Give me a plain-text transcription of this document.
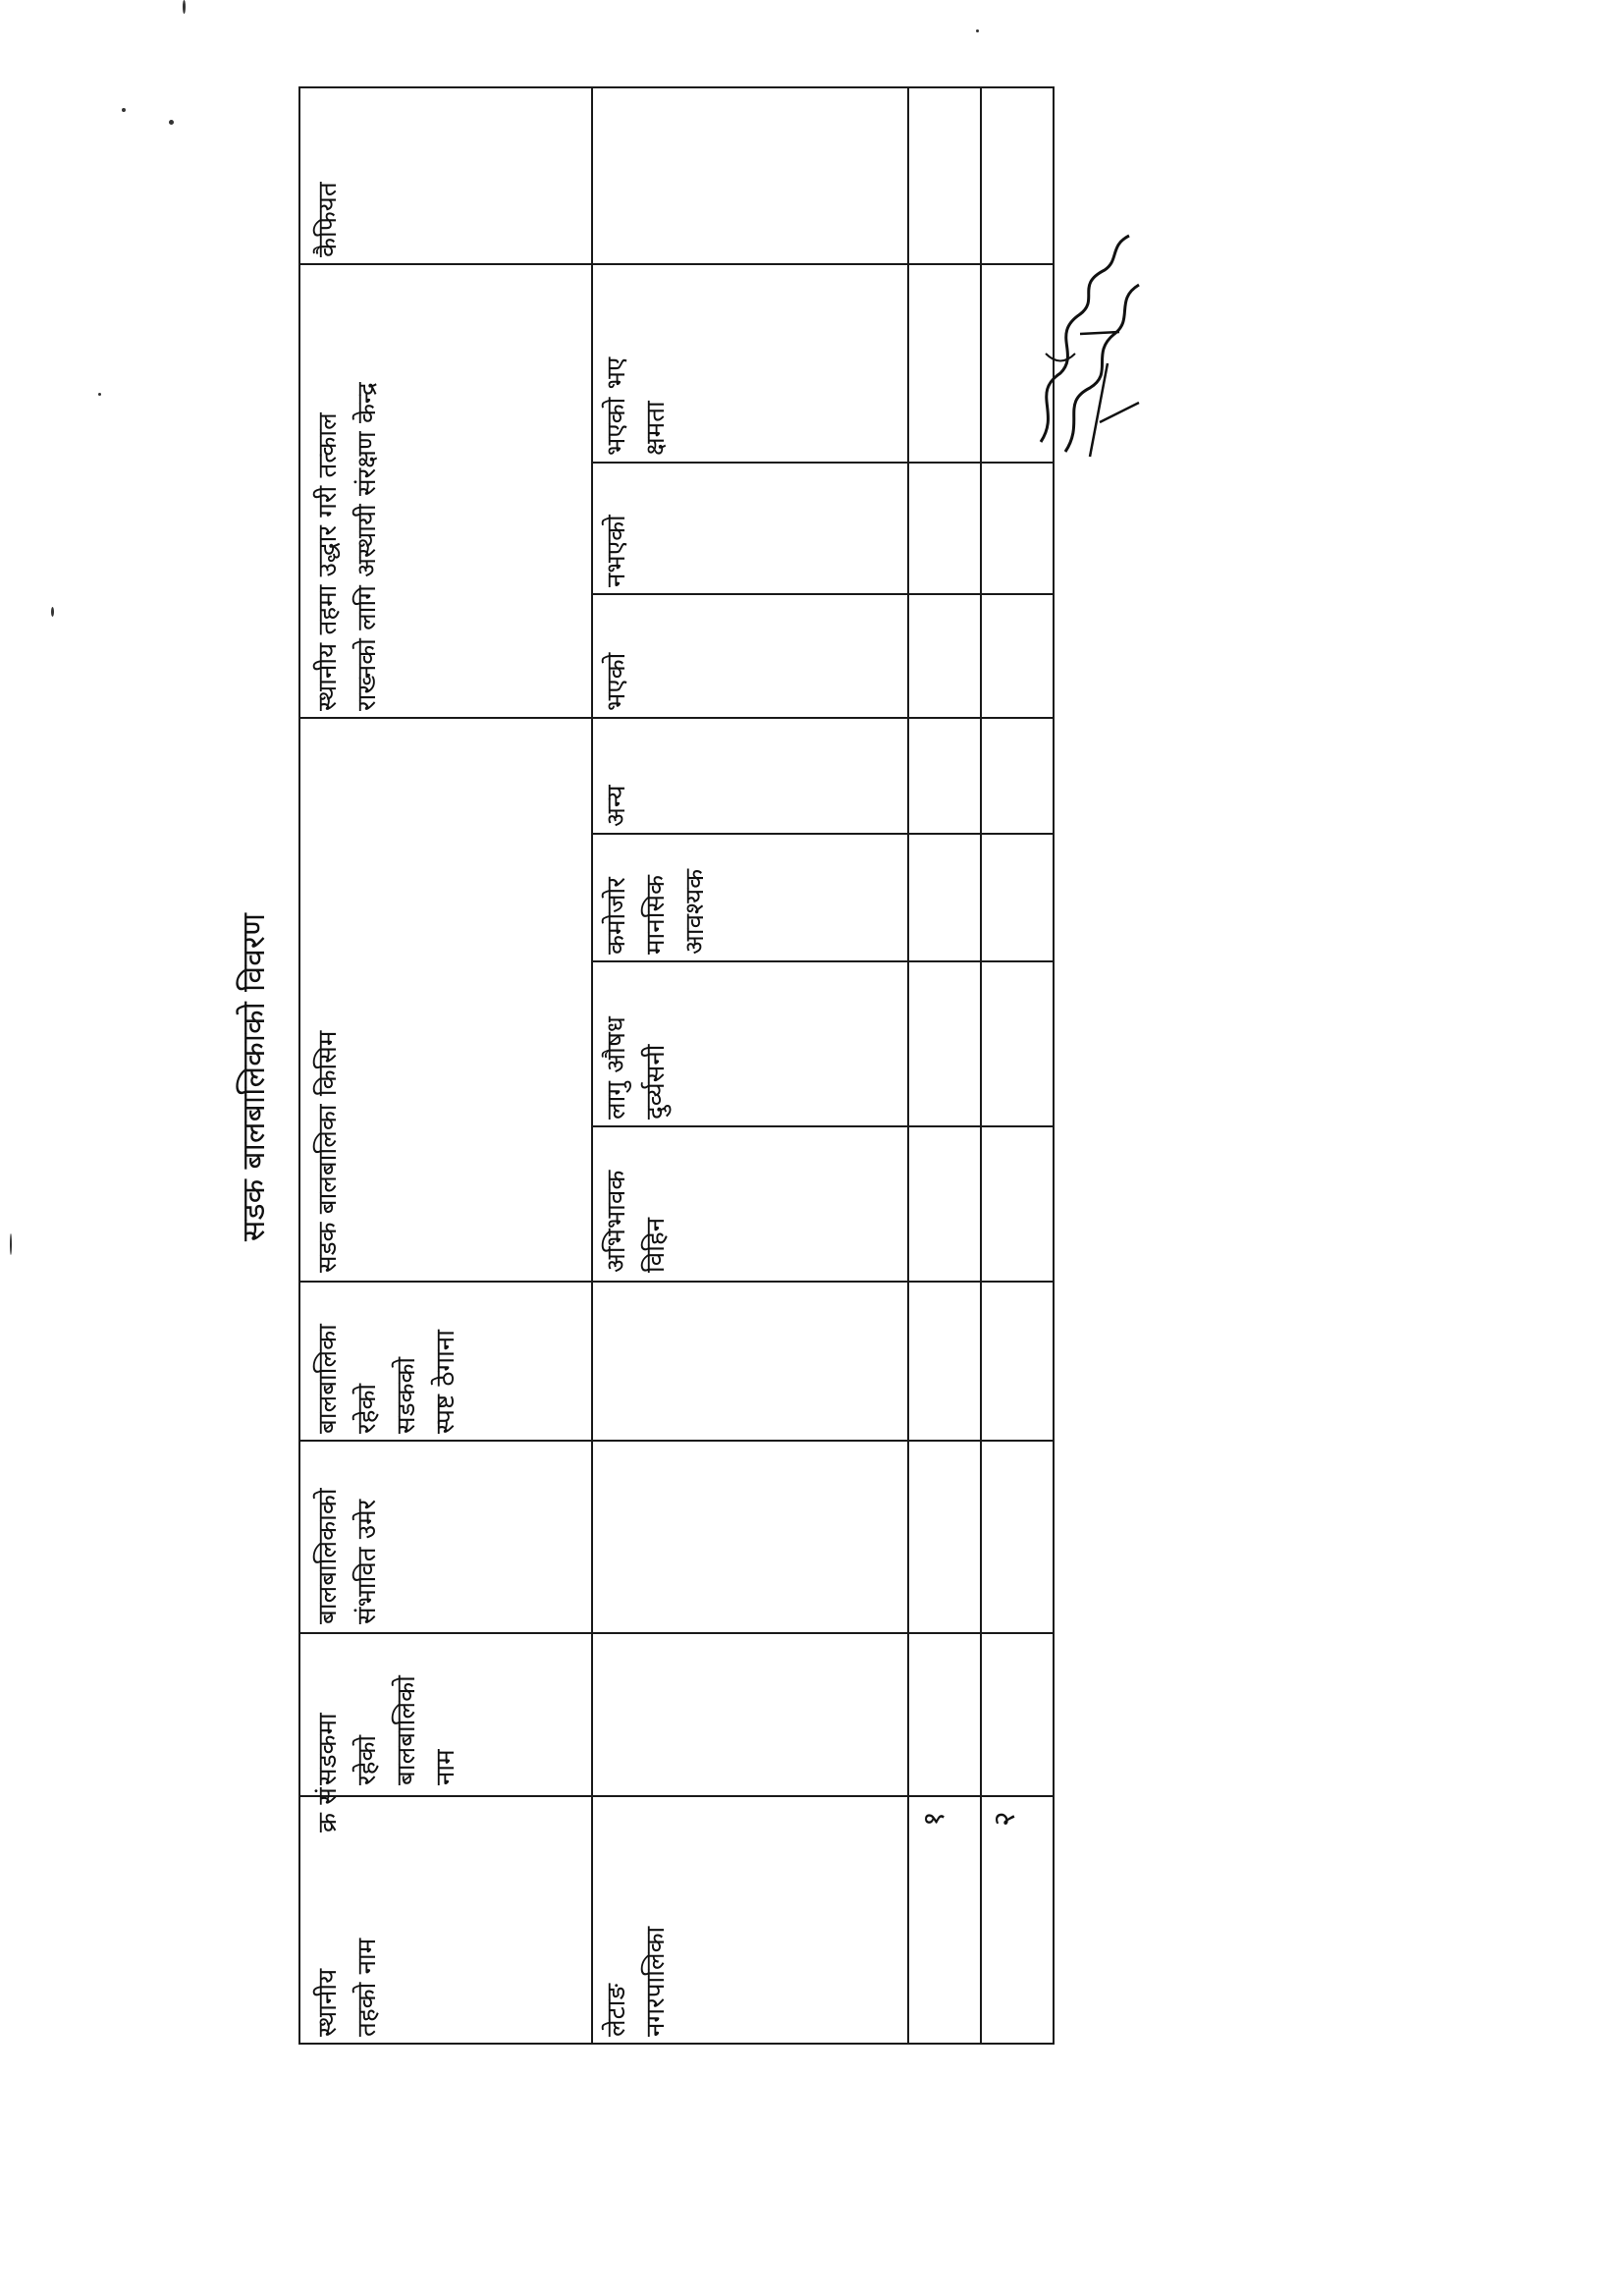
सडक बालबालिकाको विवरण
स्थानीय
तहको नाम
क्र सं
सडकमा
रहेको
बालबालिको
नाम
बालबालिकाको
संभावित उमेर
बालबालिका
रहेको
सडकको
स्पष्ट ठेगाना
सडक बालबालिका किसिम	अभिभावक
विहिन
लागु औषध
दुर्व्यसनी
कमोजोर
मानसिक
आवश्यक
अन्य
स्थानीय तहमा उद्धार गरी तत्काल
राख्नको लागि अस्थायी संरक्षण केन्द्र
भएको
नभएको
भएको भए
क्षमता
कैफियत
लेटाङ
नगरपालिका
१ २
